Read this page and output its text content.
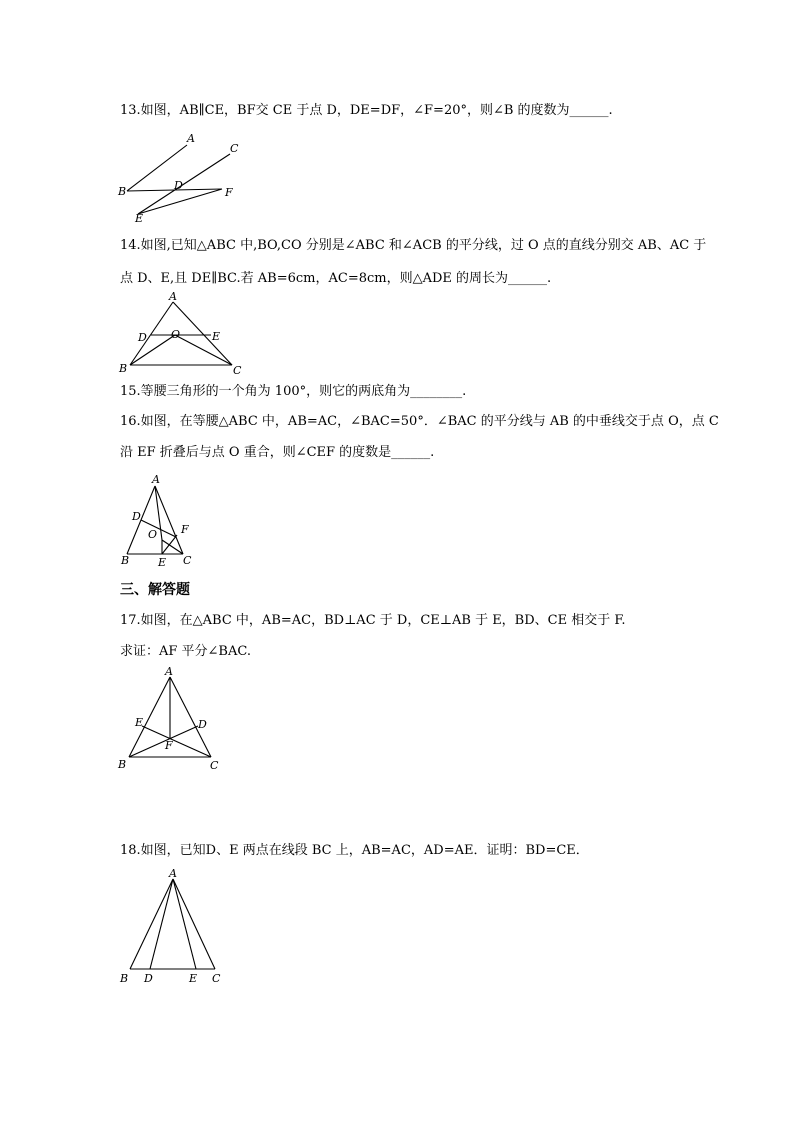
13.如图，AB∥CE，BF交 CE 于点 D，DE=DF，∠F=20°，则∠B 的度数为______.
A
C
B	D
F
E
14.如图,已知△ABC 中,BO,CO 分别是∠ABC 和∠ACB 的平分线，过 O 点的直线分别交 AB、AC 于
点 D、E,且 DE∥BC.若 AB=6cm，AC=8cm，则△ADE 的周长为______.
A
D O	E
B	C
15.等腰三角形的一个角为 100°，则它的两底角为________.
16.如图，在等腰△ABC 中，AB=AC，∠BAC=50°．∠BAC 的平分线与 AB 的中垂线交于点 O，点 C
沿 EF 折叠后与点 O 重合，则∠CEF 的度数是______.
A
D
F
O
B	E C
三、解答题
17.如图，在△ABC 中，AB=AC，BD⊥AC 于 D，CE⊥AB 于 E，BD、CE 相交于 F.
求证：AF 平分∠BAC.
A
E	D
F
B	C
18.如图，已知D、E 两点在线段 BC 上，AB=AC，AD=AE．证明：BD=CE．
A
B D	E C
